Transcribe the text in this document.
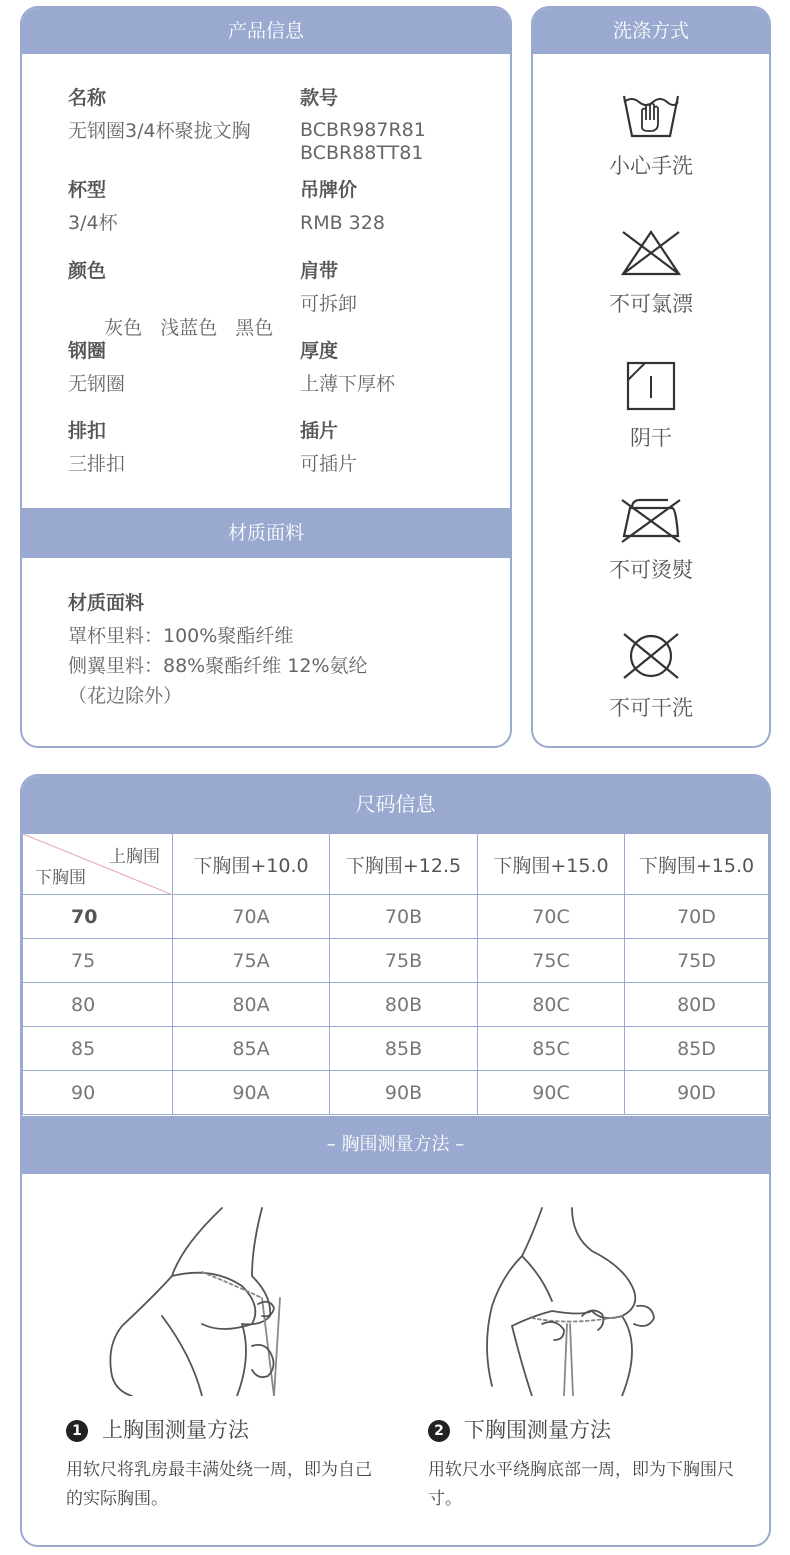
产品信息
名称
无钢圈3/4杯聚拢文胸
款号
BCBR987R81
BCBR88TT81
杯型
3/4杯
吊牌价
RMB 328
颜色

灰色 浅蓝色 黑色

肩带
可拆卸
钢圈
无钢圈
厚度
上薄下厚杯
排扣
三排扣
插片
可插片
材质面料
材质面料
罩杯里料：100%聚酯纤维
侧翼里料：88%聚酯纤维 12%氨纶
（花边除外）
洗涤方式
小心手洗
不可氯漂
阴干
不可烫熨
不可干洗
尺码信息
上胸围
下胸围	下胸围+10.0	下胸围+12.5	下胸围+15.0	下胸围+15.0
70	70A	70B	70C	70D
75	75A	75B	75C	75D
80	80A	80B	80C	80D
85	85A	85B	85C	85D
90	90A	90B	90C	90D
– 胸围测量方法 –
1 上胸围测量方法
用软尺将乳房最丰满处绕一周，即为自己的实际胸围。
2 下胸围测量方法
用软尺水平绕胸底部一周，即为下胸围尺寸。
